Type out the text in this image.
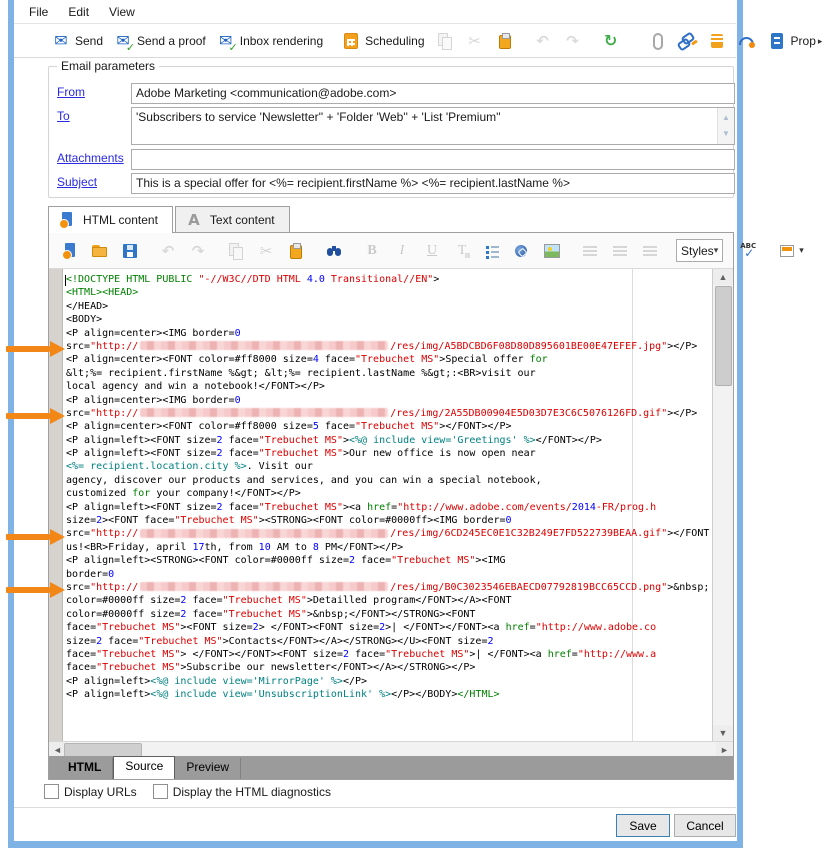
File	Edit	View
✉
Send ✉ ✓	Send a proof ✉ ✓	Inbox rendering	Scheduling ✂ ↶ ↷ ↻	Prop ▸
Email parameters
From	Adobe Marketing <communication@adobe.com>
To	'Subscribers to service 'Newsletter'' + 'Folder 'Web'' + 'List 'Premium''	▲
▼
Attachments
Subject	This is a special offer for <%= recipient.firstName %> <%= recipient.lastName %>
HTML content A	Text content
↶
↷
✂
B
I
U
T
Styles ▾ ABC ✓	▾
<!DOCTYPE HTML PUBLIC "-//W3C//DTD HTML 4.0 Transitional//EN">
<HTML><HEAD>
</HEAD>
<BODY>
<P align=center><IMG border=0
src="http://	/res/img/A5BDCBD6F08D80D895601BE00E47EFEF.jpg"></P>
<P align=center><FONT color=#ff8000 size=4 face="Trebuchet MS">Special offer for
&lt;%= recipient.firstName %&gt; &lt;%= recipient.lastName %&gt;:<BR>visit our
local agency and win a notebook!</FONT></P>
<P align=center><IMG border=0
src="http://	/res/img/2A55DB00904E5D03D7E3C6C5076126FD.gif"></P>
<P align=center><FONT color=#ff8000 size=5 face="Trebuchet MS"></FONT></P>
<P align=left><FONT size=2 face="Trebuchet MS"><%@ include view='Greetings' %></FONT></P>
<P align=left><FONT size=2 face="Trebuchet MS">Our new office is now open near
<%= recipient.location.city %>. Visit our
agency, discover our products and services, and you can win a special notebook,
customized for your company!</FONT></P>
<P align=left><FONT size=2 face="Trebuchet MS"><a href="http://www.adobe.com/events/2014-FR/prog.h
size=2><FONT face="Trebuchet MS"><STRONG><FONT color=#0000ff><IMG border=0
src="http://	/res/img/6CD245EC0E1C32B249E7FD522739BEAA.gif"></FONT
us!<BR>Friday, april 17th, from 10 AM to 8 PM</FONT></P>
<P align=left><STRONG><FONT color=#0000ff size=2 face="Trebuchet MS"><IMG
border=0
src="http://	/res/img/B0C3023546EBAECD07792819BCC65CCD.png">&nbsp;
color=#0000ff size=2 face="Trebuchet MS">Detailled program</FONT></A><FONT
color=#0000ff size=2 face="Trebuchet MS">&nbsp;</FONT></STRONG><FONT
face="Trebuchet MS"><FONT size=2> </FONT><FONT size=2>| </FONT></FONT><a href="http://www.adobe.co
size=2 face="Trebuchet MS">Contacts</FONT></A></STRONG></U><FONT size=2
face="Trebuchet MS"> </FONT></FONT><FONT size=2 face="Trebuchet MS">| </FONT><a href="http://www.a
face="Trebuchet MS">Subscribe our newsletter</FONT></A></STRONG></P>
<P align=left><%@ include view='MirrorPage' %></P>
<P align=left><%@ include view='UnsubscriptionLink' %></P></BODY></HTML>
▲
▼
◄	►
HTML	Source	Preview
Display URLs	Display the HTML diagnostics
Save	Cancel
